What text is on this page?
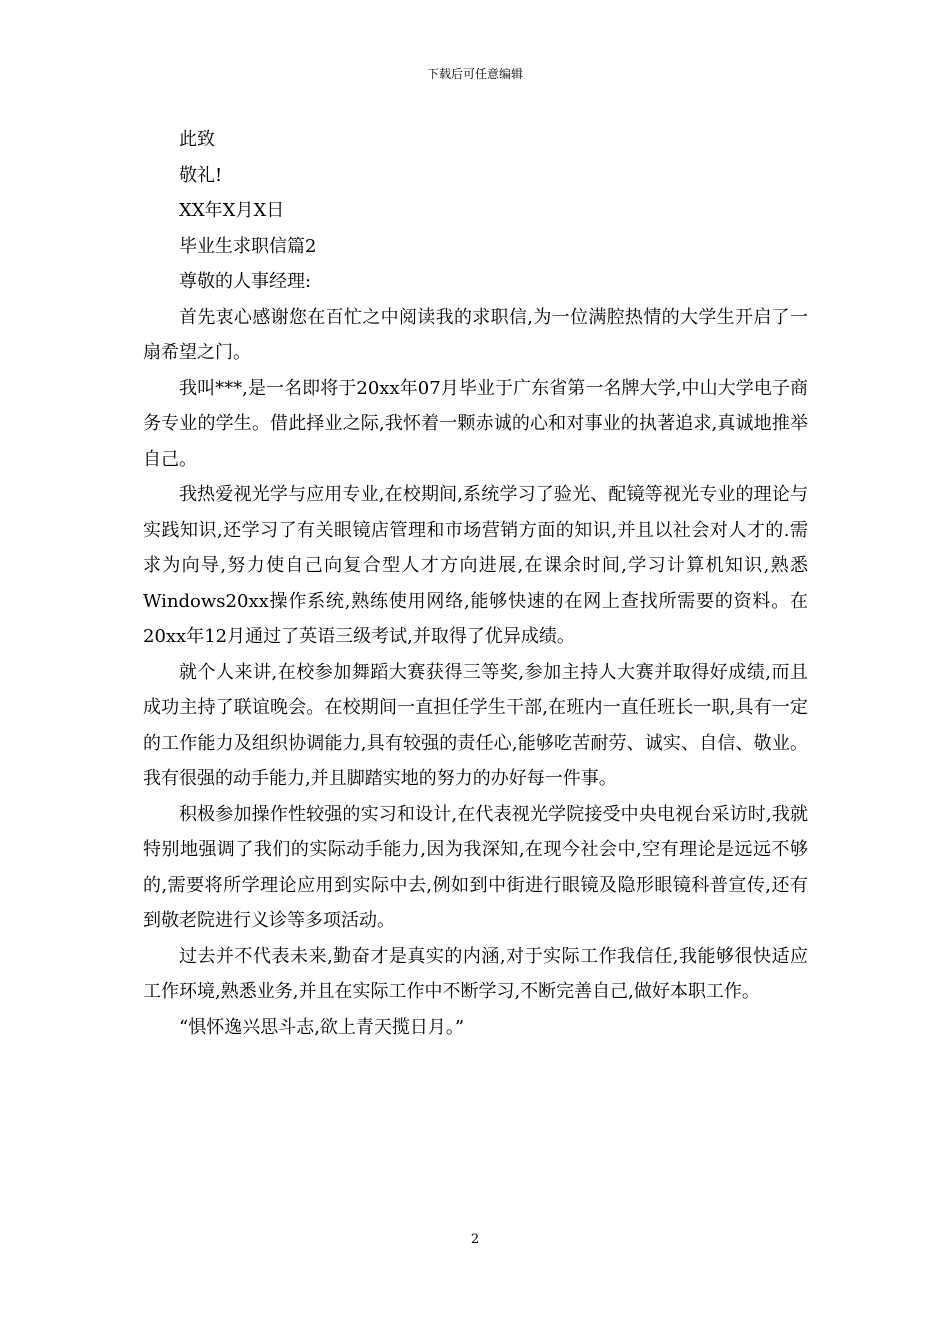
下载后可任意编辑

此致

敬礼!

XX年X月X日

毕业生求职信篇2

尊敬的人事经理:

首先衷心感谢您在百忙之中阅读我的求职信,为一位满腔热情的大学生开启了一扇希望之门。

我叫***,是一名即将于20xx年07月毕业于广东省第一名牌大学,中山大学电子商务专业的学生。借此择业之际,我怀着一颗赤诚的心和对事业的执著追求,真诚地推举自己。

我热爱视光学与应用专业,在校期间,系统学习了验光、配镜等视光专业的理论与实践知识,还学习了有关眼镜店管理和市场营销方面的知识,并且以社会对人才的.需求为向导,努力使自己向复合型人才方向进展,在课余时间,学习计算机知识,熟悉Windows20xx操作系统,熟练使用网络,能够快速的在网上查找所需要的资料。在20xx年12月通过了英语三级考试,并取得了优异成绩。

就个人来讲,在校参加舞蹈大赛获得三等奖,参加主持人大赛并取得好成绩,而且成功主持了联谊晚会。在校期间一直担任学生干部,在班内一直任班长一职,具有一定的工作能力及组织协调能力,具有较强的责任心,能够吃苦耐劳、诚实、自信、敬业。我有很强的动手能力,并且脚踏实地的努力的办好每一件事。

积极参加操作性较强的实习和设计,在代表视光学院接受中央电视台采访时,我就特别地强调了我们的实际动手能力,因为我深知,在现今社会中,空有理论是远远不够的,需要将所学理论应用到实际中去,例如到中街进行眼镜及隐形眼镜科普宣传,还有到敬老院进行义诊等多项活动。

过去并不代表未来,勤奋才是真实的内涵,对于实际工作我信任,我能够很快适应工作环境,熟悉业务,并且在实际工作中不断学习,不断完善自己,做好本职工作。

“惧怀逸兴思斗志,欲上青天揽日月。”

2
